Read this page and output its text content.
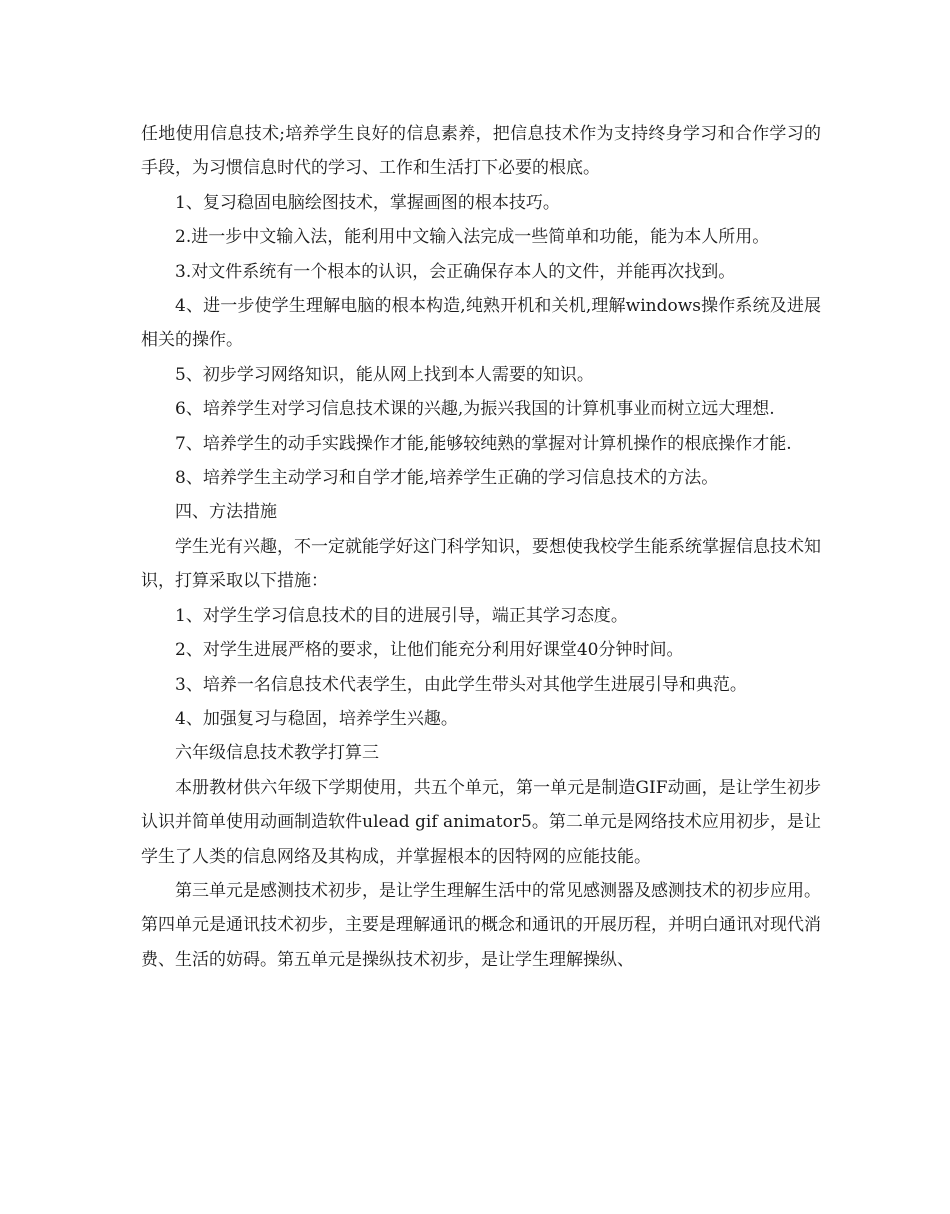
任地使用信息技术;培养学生良好的信息素养，把信息技术作为支持终身学习和合作学习的手段，为习惯信息时代的学习、工作和生活打下必要的根底。

1、复习稳固电脑绘图技术，掌握画图的根本技巧。

2.进一步中文输入法，能利用中文输入法完成一些简单和功能，能为本人所用。

3.对文件系统有一个根本的认识，会正确保存本人的文件，并能再次找到。

4、进一步使学生理解电脑的根本构造,纯熟开机和关机,理解windows操作系统及进展相关的操作。

5、初步学习网络知识，能从网上找到本人需要的知识。

6、培养学生对学习信息技术课的兴趣,为振兴我国的计算机事业而树立远大理想.

7、培养学生的动手实践操作才能,能够较纯熟的掌握对计算机操作的根底操作才能.

8、培养学生主动学习和自学才能,培养学生正确的学习信息技术的方法。

四、方法措施

学生光有兴趣，不一定就能学好这门科学知识，要想使我校学生能系统掌握信息技术知识，打算采取以下措施：

1、对学生学习信息技术的目的进展引导，端正其学习态度。

2、对学生进展严格的要求，让他们能充分利用好课堂40分钟时间。

3、培养一名信息技术代表学生，由此学生带头对其他学生进展引导和典范。

4、加强复习与稳固，培养学生兴趣。

六年级信息技术教学打算三

本册教材供六年级下学期使用，共五个单元，第一单元是制造GIF动画，是让学生初步认识并简单使用动画制造软件ulead gif animator5。第二单元是网络技术应用初步，是让学生了人类的信息网络及其构成，并掌握根本的因特网的应能技能。

第三单元是感测技术初步，是让学生理解生活中的常见感测器及感测技术的初步应用。第四单元是通讯技术初步，主要是理解通讯的概念和通讯的开展历程，并明白通讯对现代消费、生活的妨碍。第五单元是操纵技术初步，是让学生理解操纵、
